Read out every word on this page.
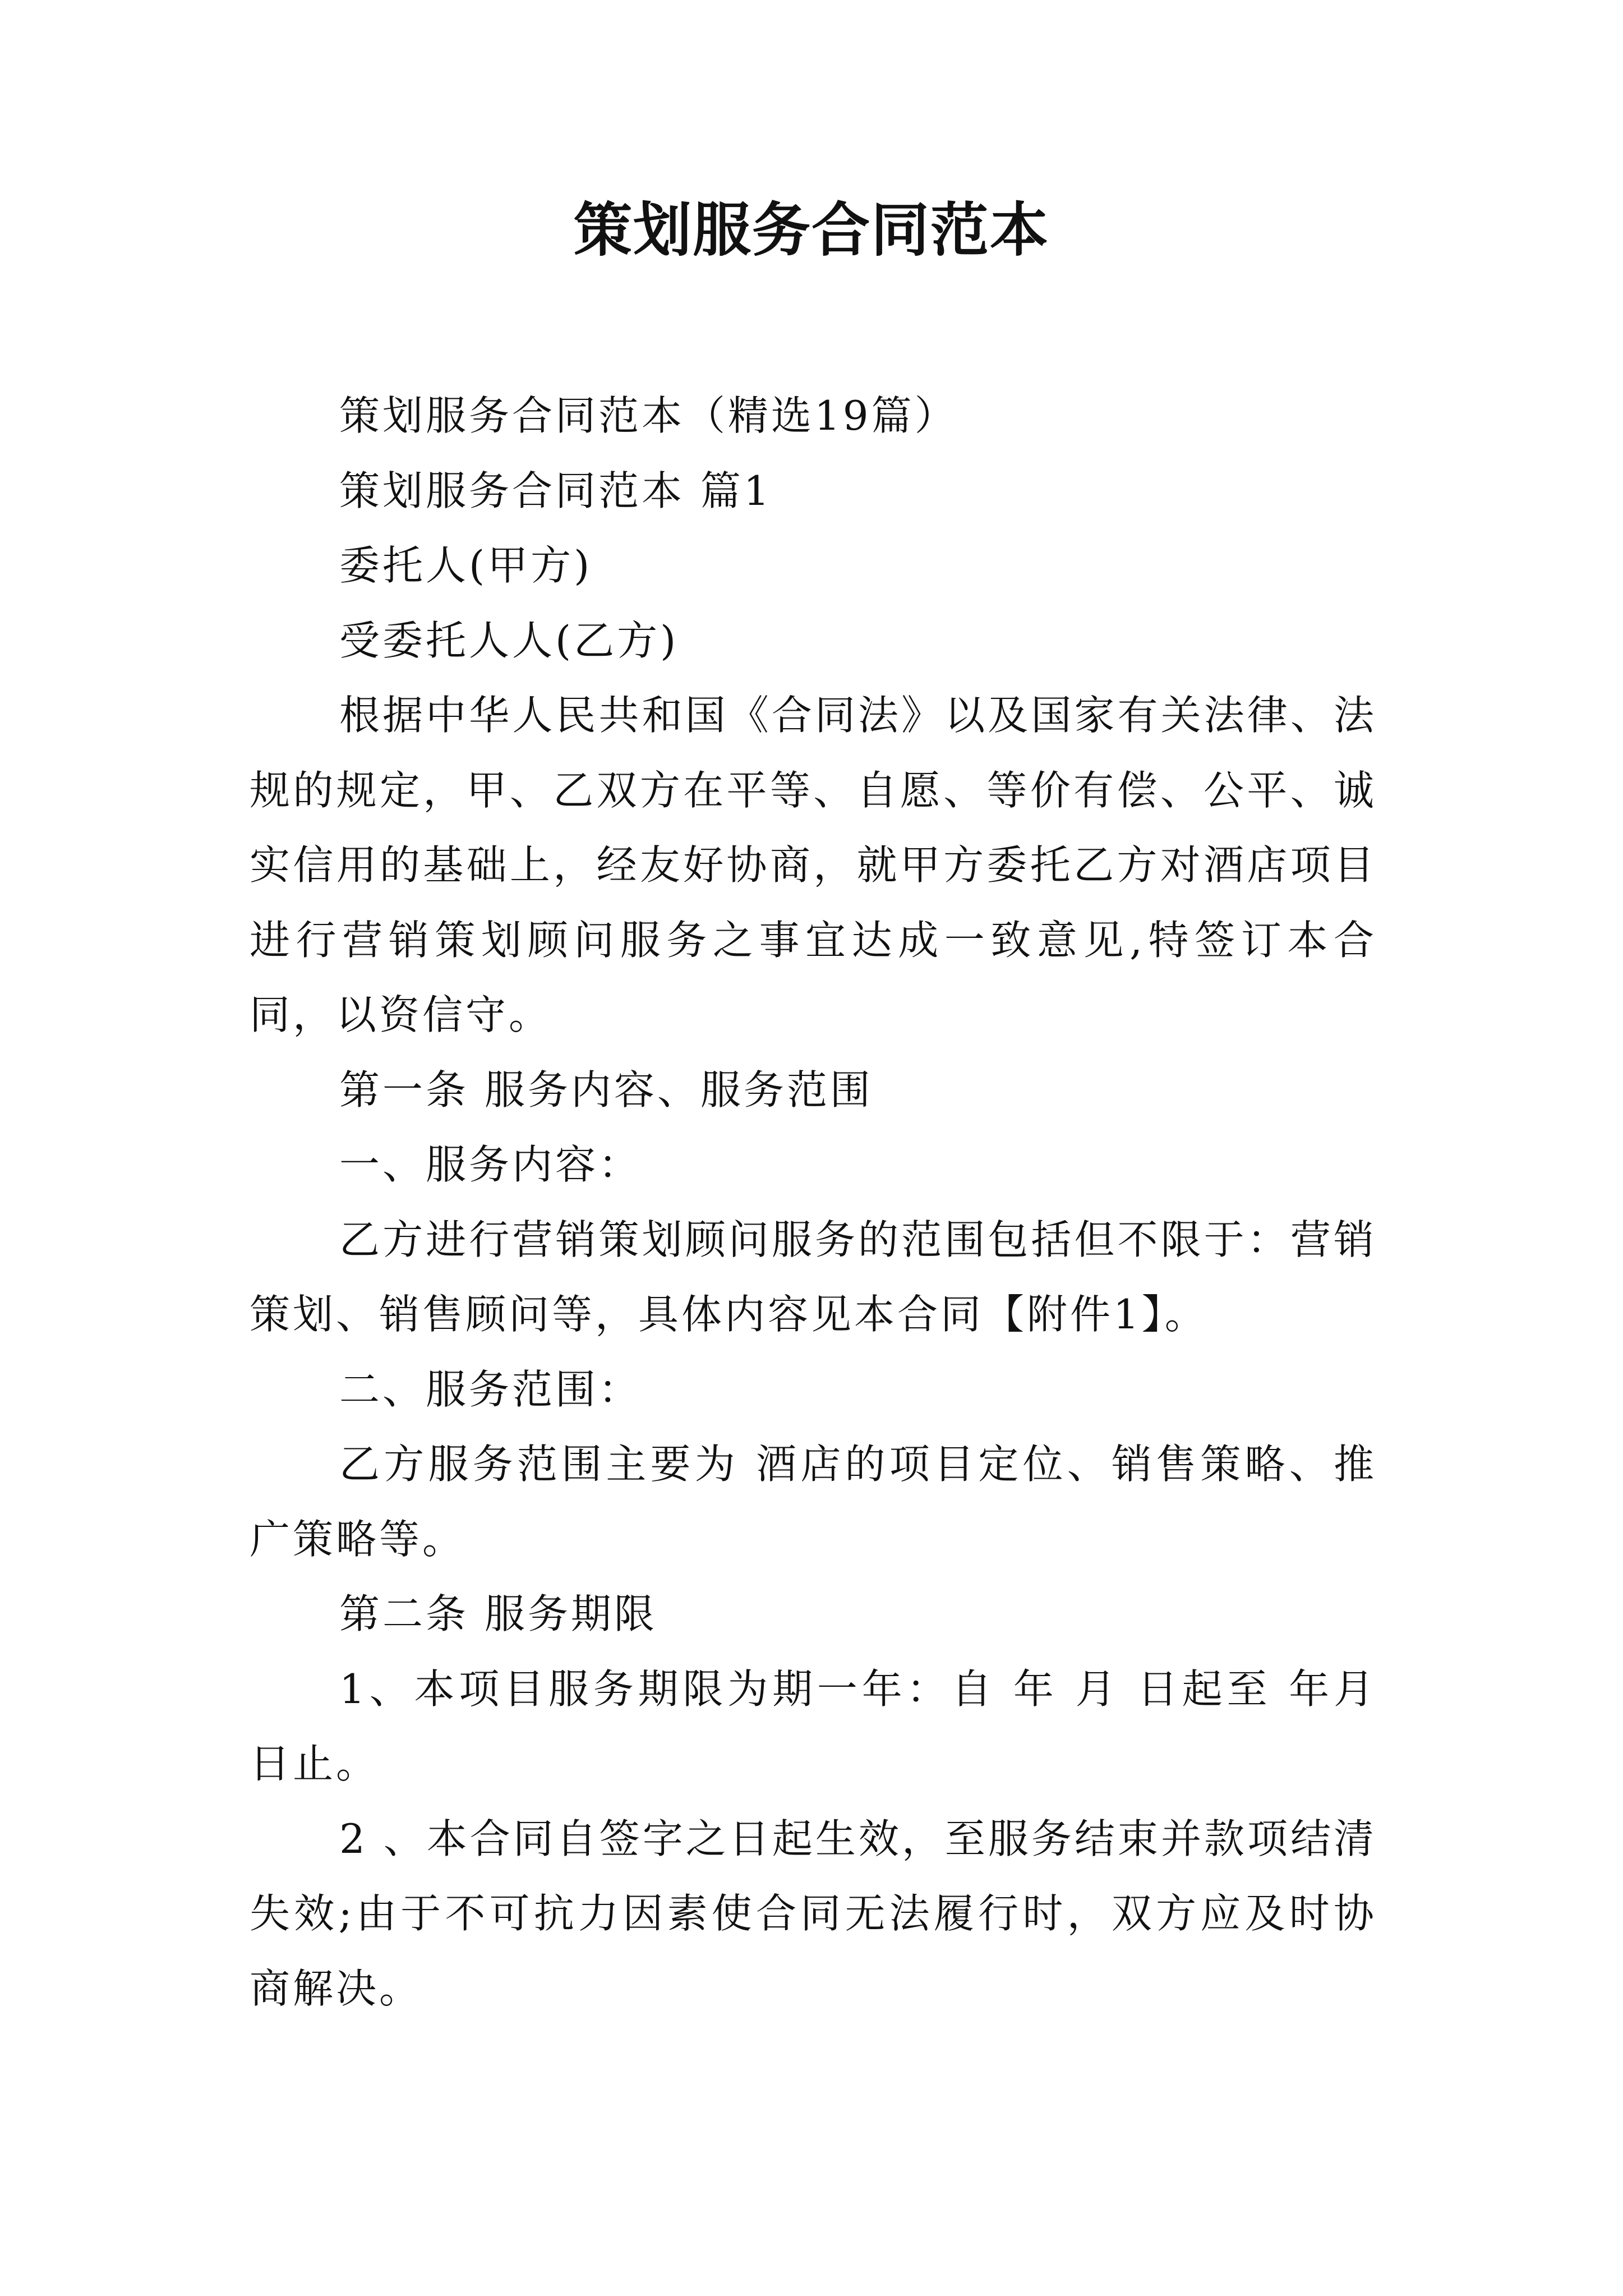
策划服务合同范本

策划服务合同范本（精选19篇）

策划服务合同范本 篇1

委托人(甲方)

受委托人人(乙方)

根据中华人民共和国《合同法》以及国家有关法律、法规的规定，甲、乙双方在平等、自愿、等价有偿、公平、诚实信用的基础上，经友好协商，就甲方委托乙方对酒店项目进行营销策划顾问服务之事宜达成一致意见,特签订本合同，以资信守。

第一条 服务内容、服务范围

一、服务内容：

乙方进行营销策划顾问服务的范围包括但不限于：营销策划、销售顾问等，具体内容见本合同【附件1】。

二、服务范围：

乙方服务范围主要为 酒店的项目定位、销售策略、推广策略等。

第二条 服务期限

1、本项目服务期限为期一年：自 年 月 日起至 年月日止。

2 、本合同自签字之日起生效，至服务结束并款项结清失效;由于不可抗力因素使合同无法履行时，双方应及时协商解决。
